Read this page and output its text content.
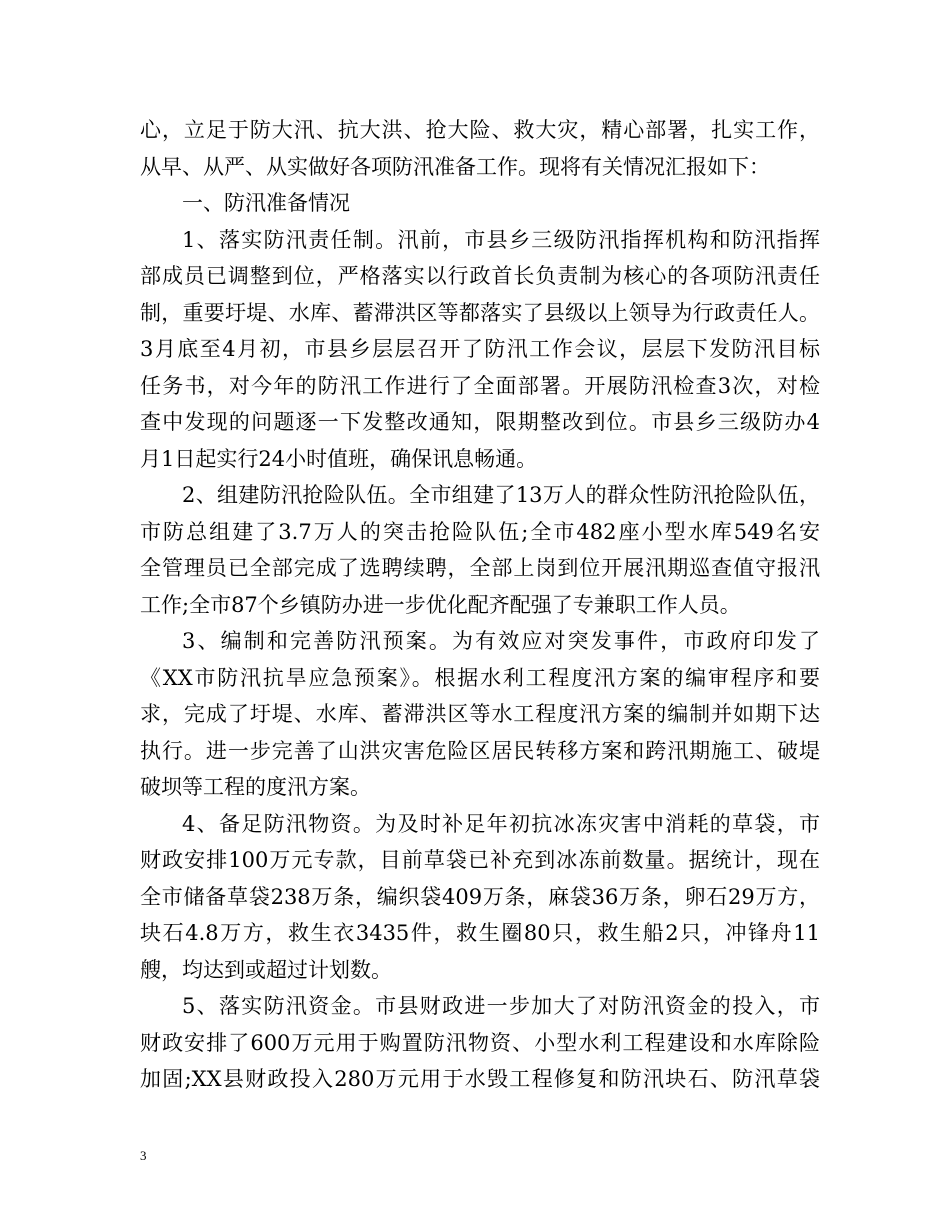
心，立足于防大汛、抗大洪、抢大险、救大灾，精心部署，扎实工作，
从早、从严、从实做好各项防汛准备工作。现将有关情况汇报如下：
一、防汛准备情况
1、落实防汛责任制。汛前，市县乡三级防汛指挥机构和防汛指挥
部成员已调整到位，严格落实以行政首长负责制为核心的各项防汛责任
制，重要圩堤、水库、蓄滞洪区等都落实了县级以上领导为行政责任人。
3月底至4月初，市县乡层层召开了防汛工作会议，层层下发防汛目标
任务书，对今年的防汛工作进行了全面部署。开展防汛检查3次，对检
查中发现的问题逐一下发整改通知，限期整改到位。市县乡三级防办4
月1日起实行24小时值班，确保讯息畅通。
2、组建防汛抢险队伍。全市组建了13万人的群众性防汛抢险队伍，
市防总组建了3.7万人的突击抢险队伍;全市482座小型水库549名安
全管理员已全部完成了选聘续聘，全部上岗到位开展汛期巡查值守报汛
工作;全市87个乡镇防办进一步优化配齐配强了专兼职工作人员。
3、编制和完善防汛预案。为有效应对突发事件，市政府印发了
《XX市防汛抗旱应急预案》。根据水利工程度汛方案的编审程序和要
求，完成了圩堤、水库、蓄滞洪区等水工程度汛方案的编制并如期下达
执行。进一步完善了山洪灾害危险区居民转移方案和跨汛期施工、破堤
破坝等工程的度汛方案。
4、备足防汛物资。为及时补足年初抗冰冻灾害中消耗的草袋，市
财政安排100万元专款，目前草袋已补充到冰冻前数量。据统计，现在
全市储备草袋238万条，编织袋409万条，麻袋36万条，卵石29万方，
块石4.8万方，救生衣3435件，救生圈80只，救生船2只，冲锋舟11
艘，均达到或超过计划数。
5、落实防汛资金。市县财政进一步加大了对防汛资金的投入，市
财政安排了600万元用于购置防汛物资、小型水利工程建设和水库除险
加固;XX县财政投入280万元用于水毁工程修复和防汛块石、防汛草袋
3
